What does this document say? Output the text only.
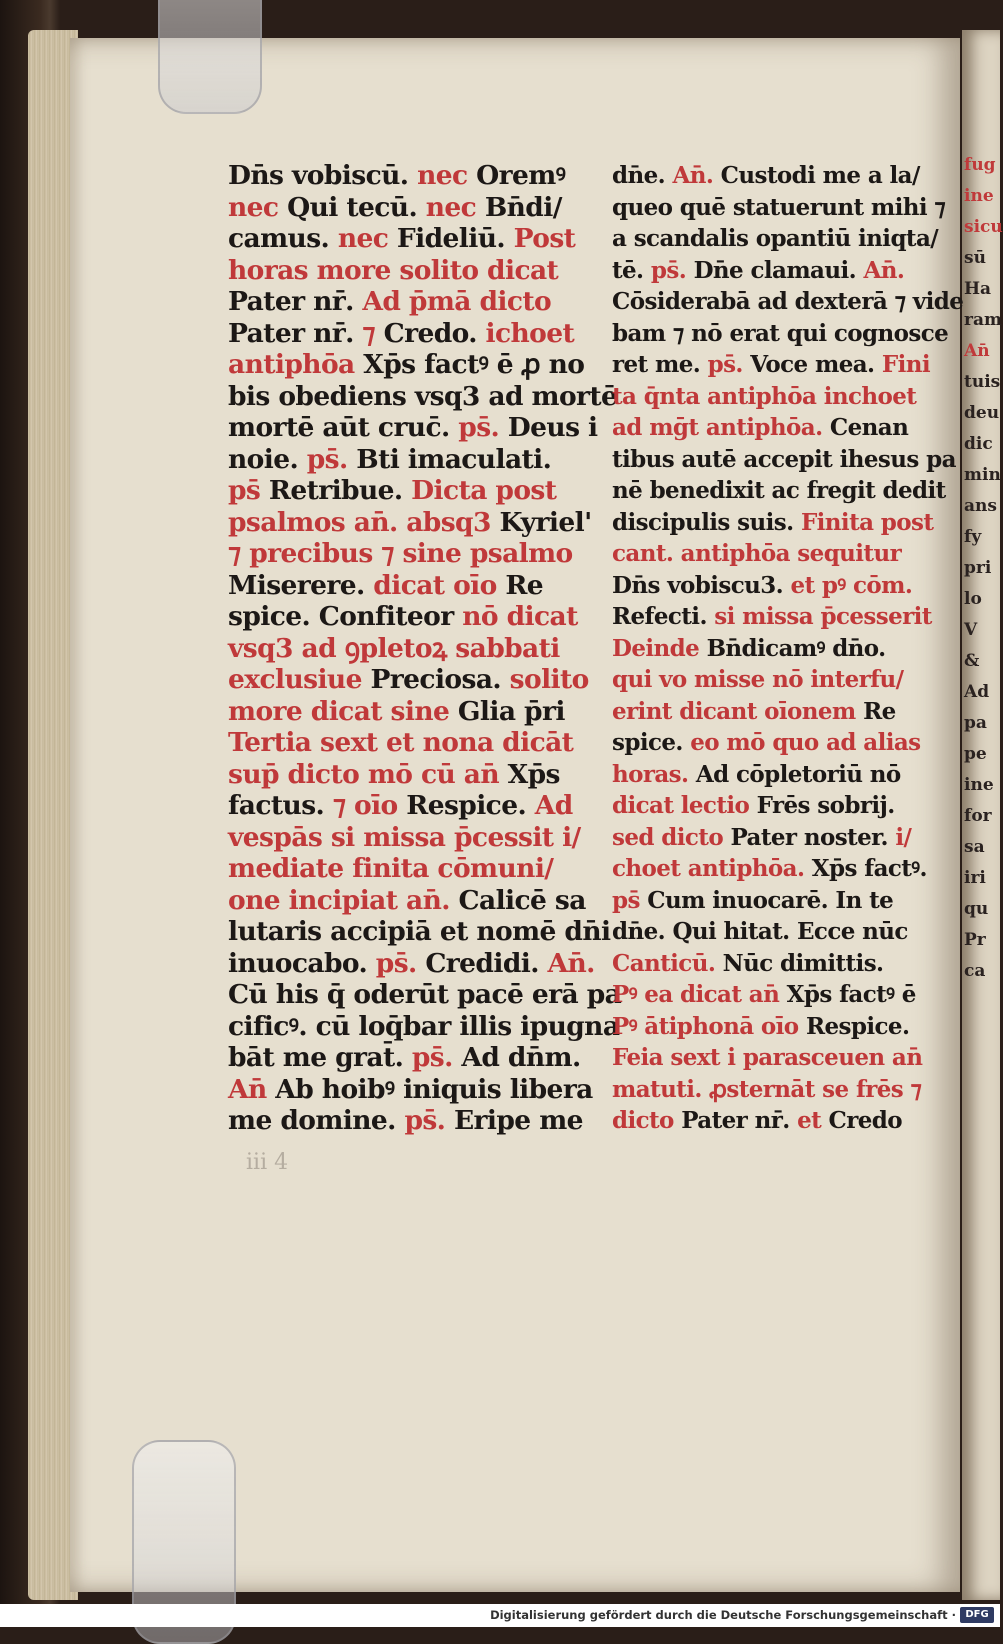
Dn̄s vobiscū. nec Oremꝰ
nec Qui tecū. nec Bn̄di/
camus. nec Fideliū. Post
horas more solito dicat
Pater nr̄. Ad p̄mā dicto
Pater nr̄. ⁊ Credo. ichoet
antiphōa Xp̄s factꝰ ē ꝓ no
bis obediens vsq3 ad mortē
mortē aūt cruc̄. ps̄. Deus i
noie. ps̄. Bti imaculati.
ps̄ Retribue. Dicta post
psalmos an̄. absq3 Kyriel'
⁊ precibus ⁊ sine psalmo
Miserere. dicat oīo Re
spice. Confiteor nō dicat
vsq3 ad ꝯpletoꝝ sabbati
exclusiue Preciosa. solito
more dicat sine Glia p̄ri
Tertia sext et nona dicāt
sup̄ dicto mō cū an̄ Xp̄s
factus. ⁊ oīo Respice. Ad
vespās si missa p̄cessit i/
mediate finita cōmuni/
one incipiat an̄. Calicē sa
lutaris accipiā et nomē dn̄i
inuocabo. ps̄. Credidi. An̄.
Cū his q̄ oderūt pacē erā pa
cificꝰ. cū loq̄bar illis ipugna
bāt me grat̄. ps̄. Ad dn̄m.
An̄ Ab hoibꝰ iniquis libera
me domine. ps̄. Eripe me
dn̄e. An̄. Custodi me a la/
queo quē statuerunt mihi ⁊
a scandalis opantiū iniqta/
tē. ps̄. Dn̄e clamaui. An̄.
Cōsiderabā ad dexterā ⁊ vide
bam ⁊ nō erat qui cognosce
ret me. ps̄. Voce mea. Fini
ta q̄nta antiphōa inchoet
ad mḡt antiphōa. Cenan
tibus autē accepit ihesus pa
nē benedixit ac fregit dedit
discipulis suis. Finita post
cant. antiphōa sequitur
Dn̄s vobiscu3. et pꝰ cōm.
Refecti. si missa p̄cesserit
Deinde Bn̄dicamꝰ dn̄o.
qui vo misse nō interfu/
erint dicant oīonem Re
spice. eo mō quo ad alias
horas. Ad cōpletoriū nō
dicat lectio Frēs sobrij.
sed dicto Pater noster. i/
choet antiphōa. Xp̄s factꝰ.
ps̄ Cum inuocarē. In te
dn̄e. Qui hitat. Ecce nūc
Canticū. Nūc dimittis.
Pꝰ ea dicat an̄ Xp̄s factꝰ ē
Pꝰ ātiphonā oīo Respice.
Feia sext i parasceuen an̄
matuti. ꝓsternāt se frēs ⁊
dicto Pater nr̄. et Credo
fug
ine
sicu
sū
Ha
ram
An̄
tuis
deu
dic
min
ans
fy
pri
lo
V
&
Ad
pa
pe
ine
for
sa
iri
qu
Pr
ca
iii 4
Digitalisierung gefördert durch die Deutsche Forschungsgemeinschaft · DFG
